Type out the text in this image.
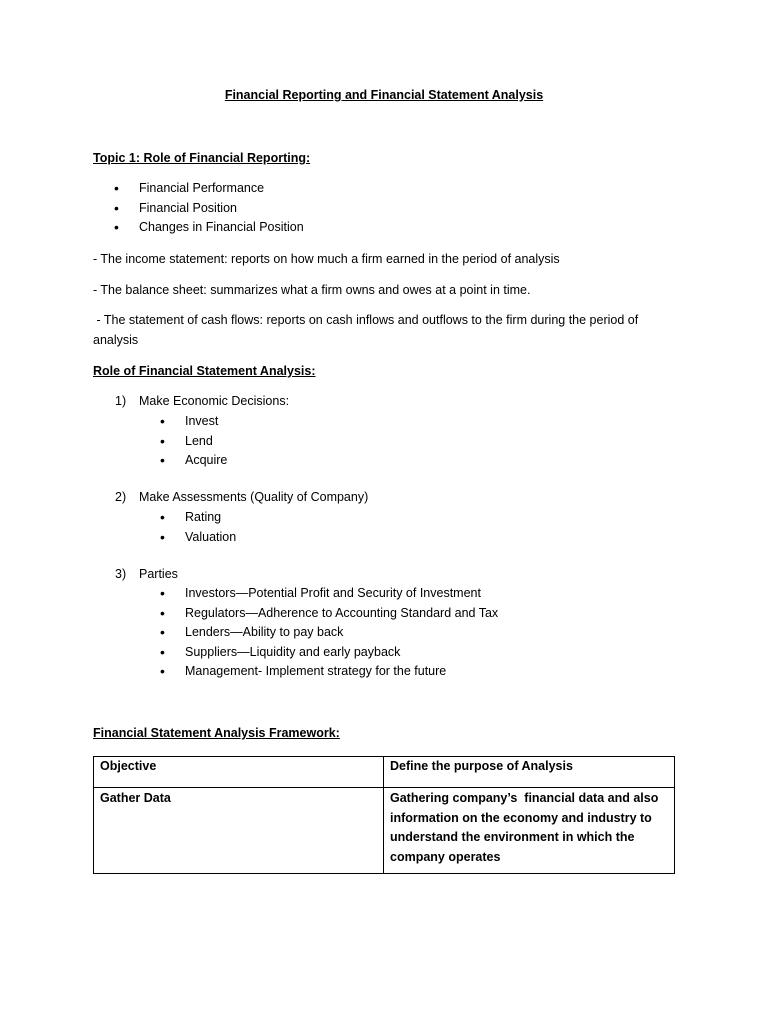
Financial Reporting and Financial Statement Analysis
Topic 1: Role of Financial Reporting:
• Financial Performance
• Financial Position
• Changes in Financial Position
- The income statement: reports on how much a firm earned in the period of analysis
- The balance sheet: summarizes what a firm owns and owes at a point in time.
- The statement of cash flows: reports on cash inflows and outflows to the firm during the period of analysis
Role of Financial Statement Analysis:
1) Make Economic Decisions:
• Invest
• Lend
• Acquire
2) Make Assessments (Quality of Company)
• Rating
• Valuation
3) Parties
• Investors—Potential Profit and Security of Investment
• Regulators—Adherence to Accounting Standard and Tax
• Lenders—Ability to pay back
• Suppliers—Liquidity and early payback
• Management- Implement strategy for the future
Financial Statement Analysis Framework:
Objective	Define the purpose of Analysis
Gather Data	Gathering company’s  financial data and also information on the economy and industry to understand the environment in which the company operates
